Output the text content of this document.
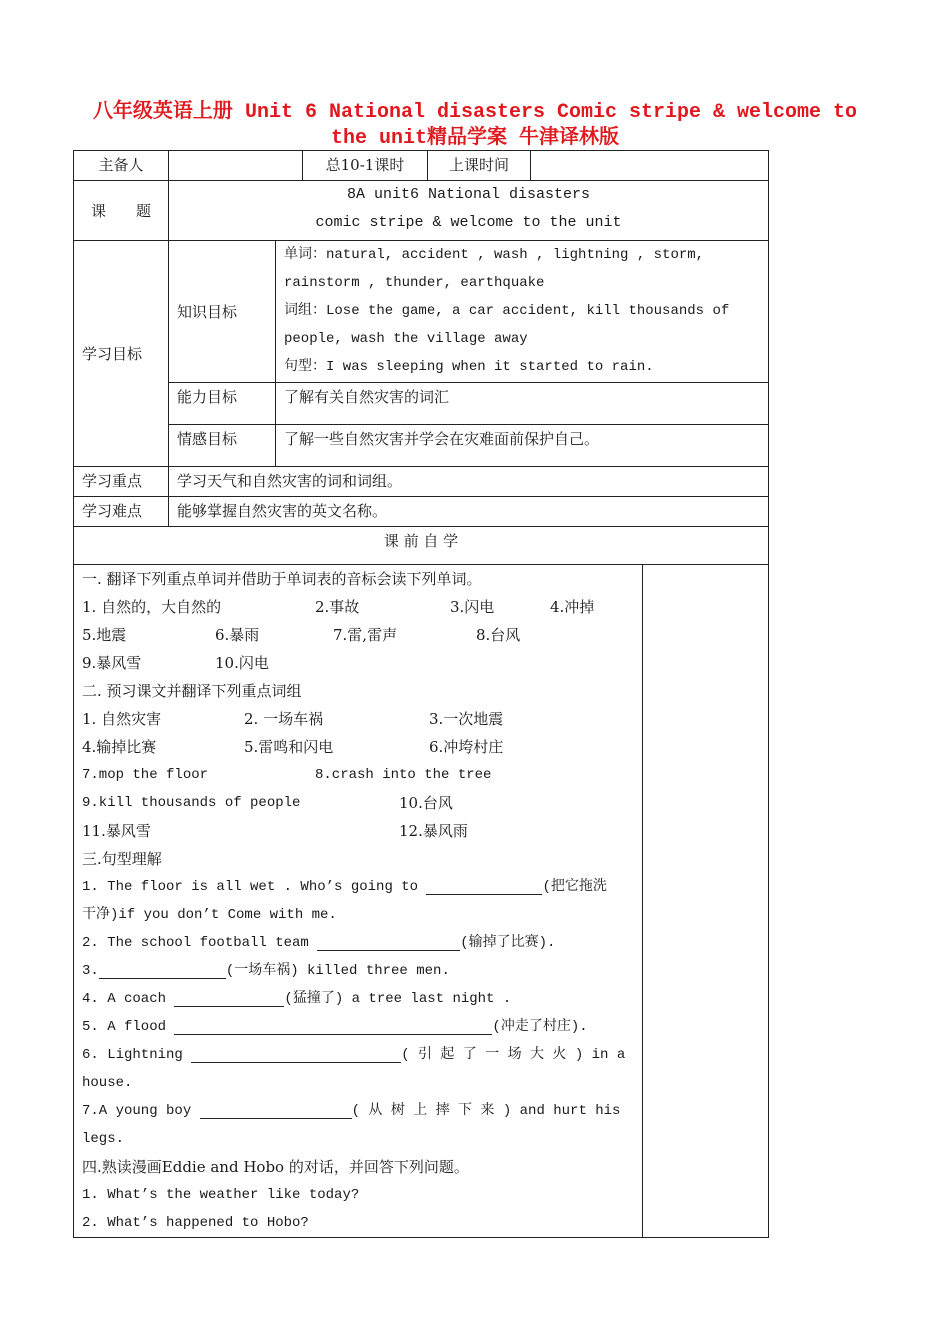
八年级英语上册 Unit 6 National disasters Comic stripe & welcome to
the unit精品学案 牛津译林版
主备人		总10-1课时	上课时间	
课　　题	
8A unit6 National disasters
comic stripe & welcome to the unit

学习目标	知识目标	
单词：natural, accident , wash , lightning , storm,
rainstorm , thunder, earthquake
词组：Lose the game, a car accident, kill thousands of
people, wash the village away
句型：I was sleeping when it started to rain.

能力目标	了解有关自然灾害的词汇
情感目标	了解一些自然灾害并学会在灾难面前保护自己。
学习重点	学习天气和自然灾害的词和词组。
学习难点	能够掌握自然灾害的英文名称。
课 前 自 学

一. 翻译下列重点单词并借助于单词表的音标会读下列单词。
1. 自然的，大自然的	2.事故	3.闪电	4.冲掉
5.地震	6.暴雨	7.雷,雷声	8.台风
9.暴风雪	10.闪电
二. 预习课文并翻译下列重点词组
1. 自然灾害	2. 一场车祸	3.一次地震
4.输掉比赛	5.雷鸣和闪电	6.冲垮村庄
7.mop the floor	8.crash into the tree
9.kill thousands of people	10.台风
11.暴风雪	12.暴风雨
三.句型理解
1. The floor is all wet . Who’s going to	(把它拖洗
干净)if you don’t Come with me.
2. The school football team	(输掉了比赛).
3.	(一场车祸) killed three men.
4. A coach	(猛撞了) a tree last night .
5. A flood	(冲走了村庄).
6. Lightning	( 引 起 了 一 场 大 火 ) in a
house.
7.A young boy	( 从 树 上 摔 下 来 ) and hurt his
legs.
四.熟读漫画Eddie and Hobo 的对话，并回答下列问题。
1. What’s the weather like today?
2. What’s happened to Hobo?
